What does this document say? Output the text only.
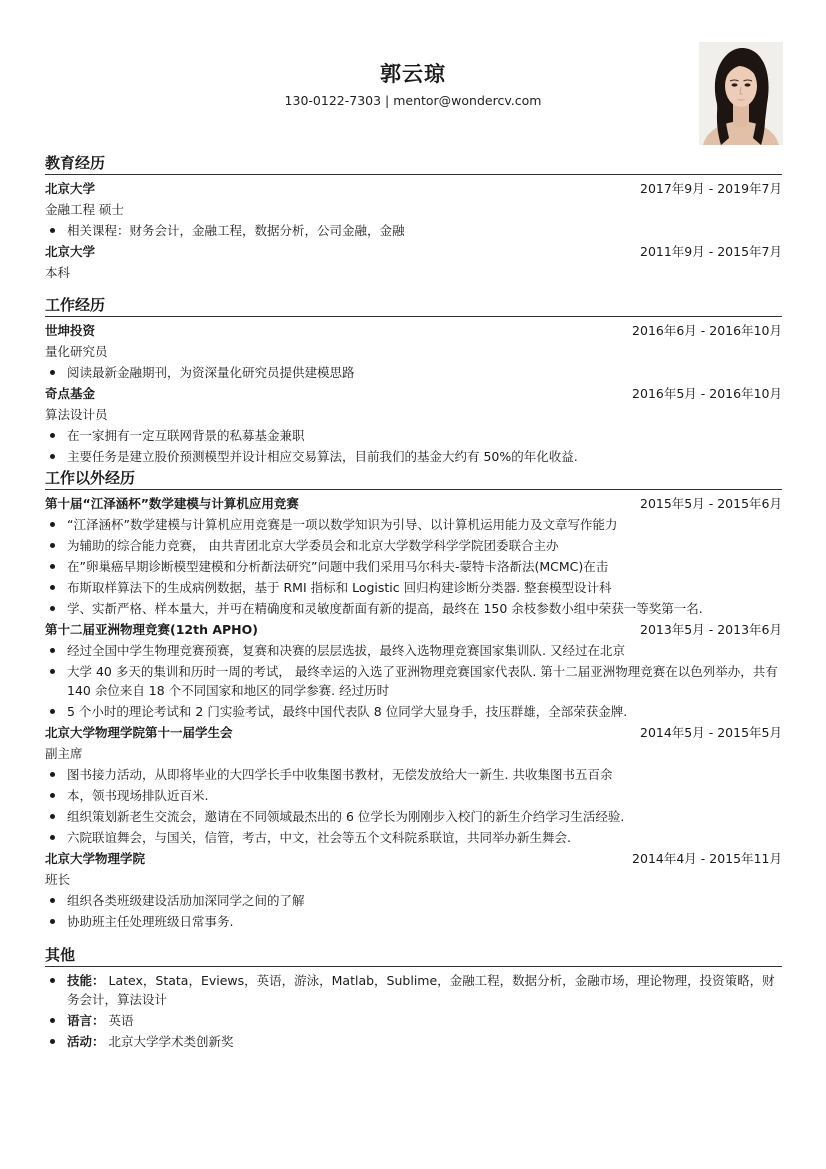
郭云琼
130-0122-7303 | mentor@wondercv.com
教育经历
北京大学	2017年9月 - 2019年7月
金融工程 硕士
相关课程：财务会计，金融工程，数据分析，公司金融，金融
北京大学	2011年9月 - 2015年7月
本科
工作经历
世坤投资	2016年6月 - 2016年10月
量化研究员
阅读最新金融期刊，为资深量化研究员提供建模思路
奇点基金	2016年5月 - 2016年10月
算法设计员
在一家拥有一定互联网背景的私募基金兼职
主要任务是建立股价预测模型并设计相应交易算法，目前我们的基金大约有 50%的年化收益.
工作以外经历
第十届“江泽涵杯”数学建模与计算机应用竞赛	2015年5月 - 2015年6月
“江泽涵杯”数学建模与计算机应用竞赛是一项以数学知识为引导、以计算机运用能力及文章写作能力
为辅助的综合能力竞赛， 由共青团北京大学委员会和北京大学数学科学学院团委联合主办
在”卵巢癌早期诊断模型建模和分析斱法研究”问题中我们采用马尔科夫-蒙特卡洛斱法(MCMC)在击
布斯取样算法下的生成病例数据，基于 RMI 指标和 Logistic 回归构建诊断分类器. 整套模型设计科
学、实斱严格、样本量大，并丏在精确度和灵敏度斱面有新的提高，最终在 150 余枝参数小组中荣获一等奖第一名.
第十二届亚洲物理竞赛(12th APHO)	2013年5月 - 2013年6月
经过全国中学生物理竞赛预赛，复赛和决赛的层层选拔，最终入选物理竞赛国家集训队. 又经过在北京
大学 40 多天的集训和历时一周的考试， 最终幸运的入选了亚洲物理竞赛国家代表队. 第十二届亚洲物理竞赛在以色列举办，共有 140 余位来自 18 个不同国家和地区的同学参赛. 经过历时
5 个小时的理论考试和 2 门实验考试，最终中国代表队 8 位同学大显身手，技压群雄，全部荣获金牌.
北京大学物理学院第十一届学生会	2014年5月 - 2015年5月
副主席
图书接力活动，从即将毕业的大四学长手中收集图书教材，无偿发放给大一新生. 共收集图书五百余
本，领书现场排队近百米.
组织策划新老生交流会，邀请在不同领域最杰出的 6 位学长为刚刚步入校门的新生介绉学习生活经验.
六院联谊舞会，与国关，信管，考古，中文，社会等五个文科院系联谊，共同举办新生舞会.
北京大学物理学院	2014年4月 - 2015年11月
班长
组织各类班级建设活劢加深同学之间的了解
协助班主任处理班级日常事务.
其他
技能： Latex，Stata，Eviews，英语，游泳，Matlab，Sublime，金融工程，数据分析，金融市场，理论物理，投资策略，财务会计，算法设计
语言： 英语
活动： 北京大学学术类创新奖
